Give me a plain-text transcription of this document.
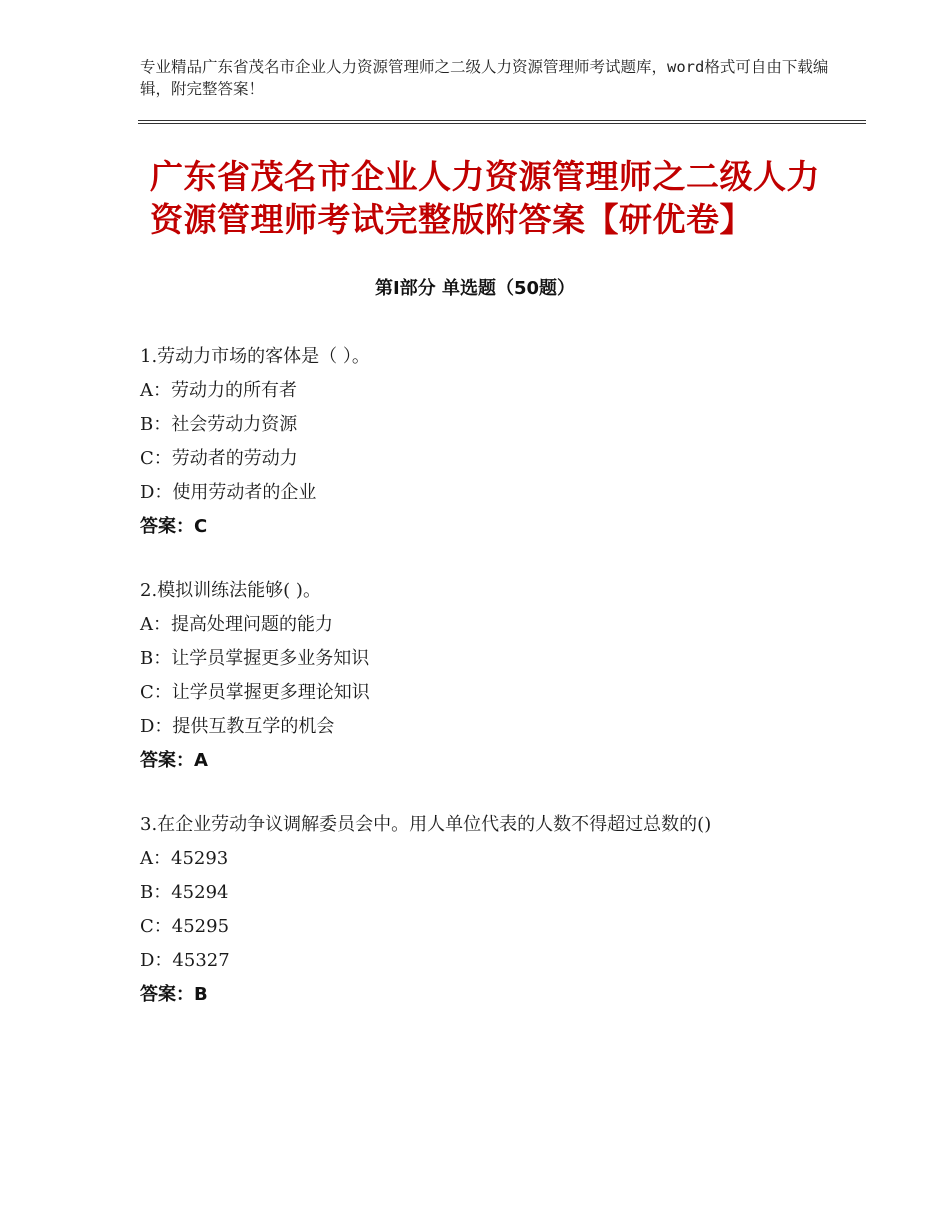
专业精品广东省茂名市企业人力资源管理师之二级人力资源管理师考试题库，word格式可自由下载编辑，附完整答案！
广东省茂名市企业人力资源管理师之二级人力资源管理师考试完整版附答案【研优卷】
第Ⅰ部分 单选题（50题）
1.劳动力市场的客体是（ ）。
A：劳动力的所有者
B：社会劳动力资源
C：劳动者的劳动力
D：使用劳动者的企业
答案：C
2.模拟训练法能够( )。
A：提高处理问题的能力
B：让学员掌握更多业务知识
C：让学员掌握更多理论知识
D：提供互教互学的机会
答案：A
3.在企业劳动争议调解委员会中。用人单位代表的人数不得超过总数的()
A：45293
B：45294
C：45295
D：45327
答案：B
